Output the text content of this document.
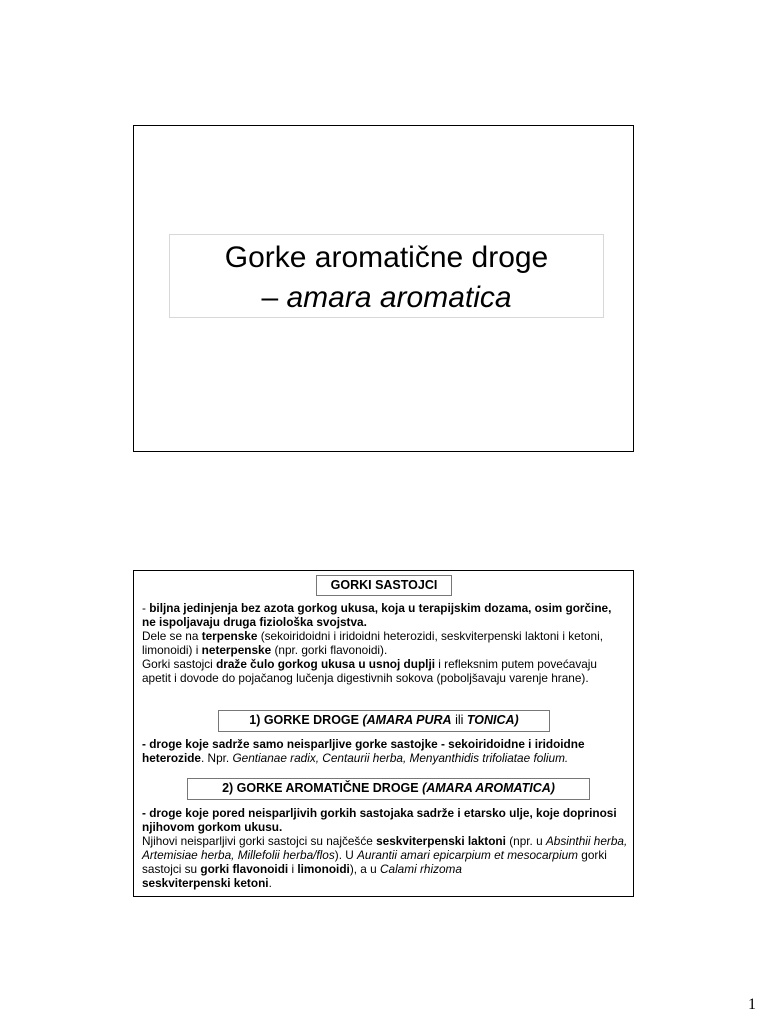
Gorke aromatične droge
– amara aromatica
GORKI SASTOJCI
- biljna jedinjenja bez azota gorkog ukusa, koja u terapijskim dozama, osim gorčine, ne ispoljavaju druga fiziološka svojstva.
Dele se na terpenske (sekoiridoidni i iridoidni heterozidi, seskviterpenski laktoni i ketoni, limonoidi) i neterpenske (npr. gorki flavonoidi).
Gorki sastojci draže čulo gorkog ukusa u usnoj duplji i refleksnim putem povećavaju apetit i dovode do pojačanog lučenja digestivnih sokova (poboljšavaju varenje hrane).
1) GORKE DROGE (AMARA PURA ili TONICA)
- droge koje sadrže samo neisparljive gorke sastojke - sekoiridoidne i iridoidne heterozide. Npr. Gentianae radix, Centaurii herba, Menyanthidis trifoliatae folium.
2) GORKE AROMATIČNE DROGE (AMARA AROMATICA)
- droge koje pored neisparljivih gorkih sastojaka sadrže i etarsko ulje, koje doprinosi njihovom gorkom ukusu.
Njihovi neisparljivi gorki sastojci su najčešće seskviterpenski laktoni (npr. u Absinthii herba, Artemisiae herba, Millefolii herba/flos). U Aurantii amari epicarpium et mesocarpium gorki sastojci su gorki flavonoidi i limonoidi), a u Calami rhizoma
seskviterpenski ketoni.
1
